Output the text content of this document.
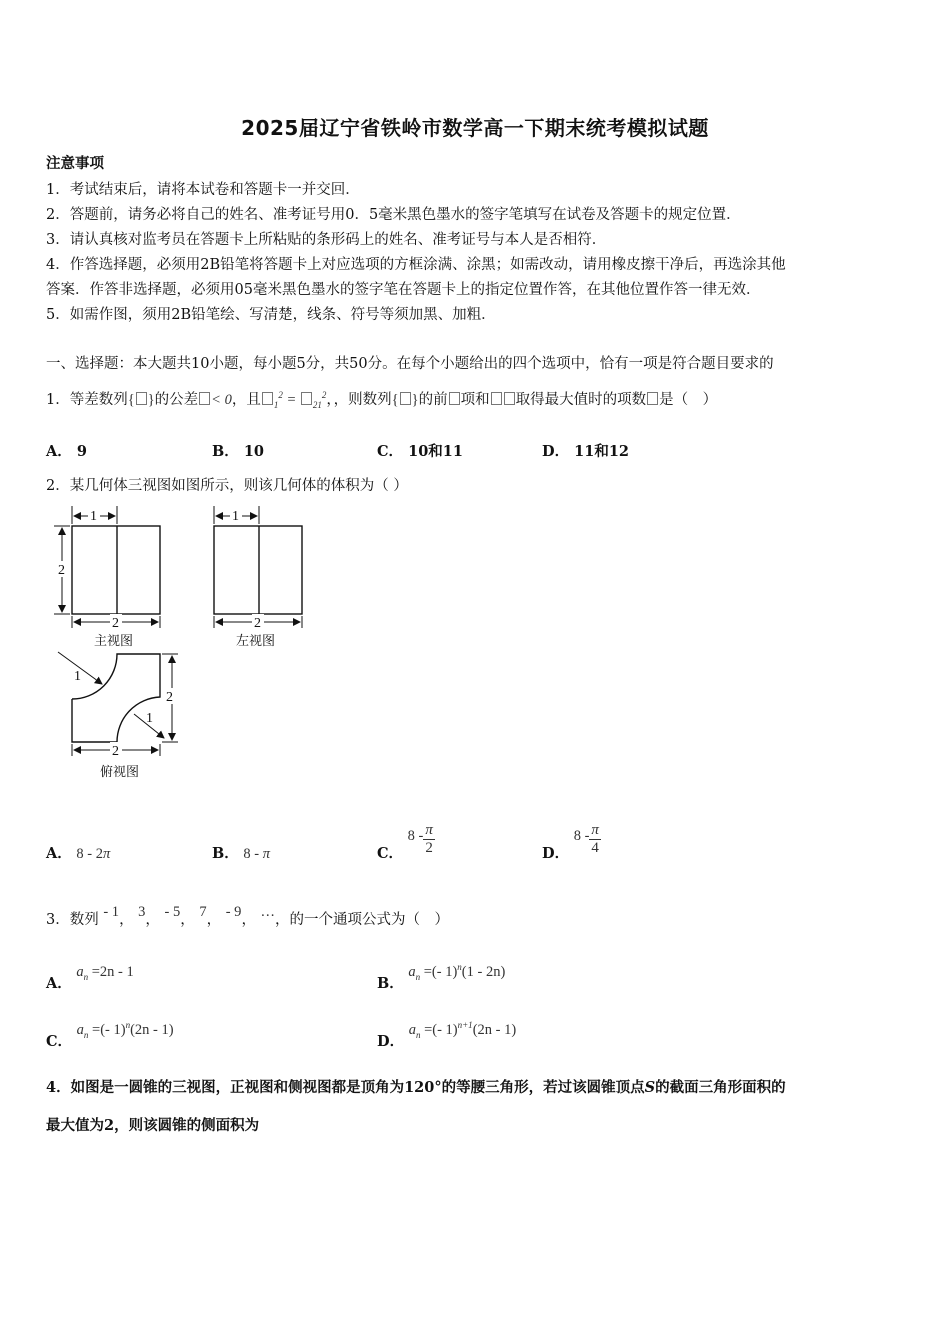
2025届辽宁省铁岭市数学高一下期末统考模拟试题
注意事项
1．考试结束后，请将本试卷和答题卡一并交回．
2．答题前，请务必将自己的姓名、准考证号用0．5毫米黑色墨水的签字笔填写在试卷及答题卡的规定位置．
3．请认真核对监考员在答题卡上所粘贴的条形码上的姓名、准考证号与本人是否相符．
4．作答选择题，必须用2B铅笔将答题卡上对应选项的方框涂满、涂黑；如需改动，请用橡皮擦干净后，再选涂其他
答案．作答非选择题，必须用05毫米黑色墨水的签字笔在答题卡上的指定位置作答，在其他位置作答一律无效．
5．如需作图，须用2B铅笔绘、写清楚，线条、符号等须加黑、加粗．
一、选择题：本大题共10小题，每小题5分，共50分。在每个小题给出的四个选项中，恰有一项是符合题目要求的
1．等差数列{ }的公差 < 0，且 $_1^2$ = $_{21}^2$，，则数列{ }的前 项和 取得最大值时的项数 是（　）
A． 9	B． 10	C． 10和11	D． 11和12
2．某几何体三视图如图所示，则该几何体的体积为（ ）
1
2
2
主视图
1
2
左视图
1
1
2
2
俯视图
A． 8 - 2π	B． 8 - π	C． $8 - \frac{\pi}{2}$	D． $8 - \frac{\pi}{4}$
3．数列 - 1， 3， - 5， 7， - 9， …，的一个通项公式为（　）
A． $a_n =2n - 1$
B． $a_n$ =(- 1)$^n$(1 - 2n)
C． $a_n$ =(- 1)$^n$(2n - 1)
D． $a_n$ =(- 1)$^{n+1}$(2n - 1)
4．如图是一圆锥的三视图，正视图和侧视图都是顶角为120°的等腰三角形，若过该圆锥顶点S的截面三角形面积的
最大值为2，则该圆锥的侧面积为
